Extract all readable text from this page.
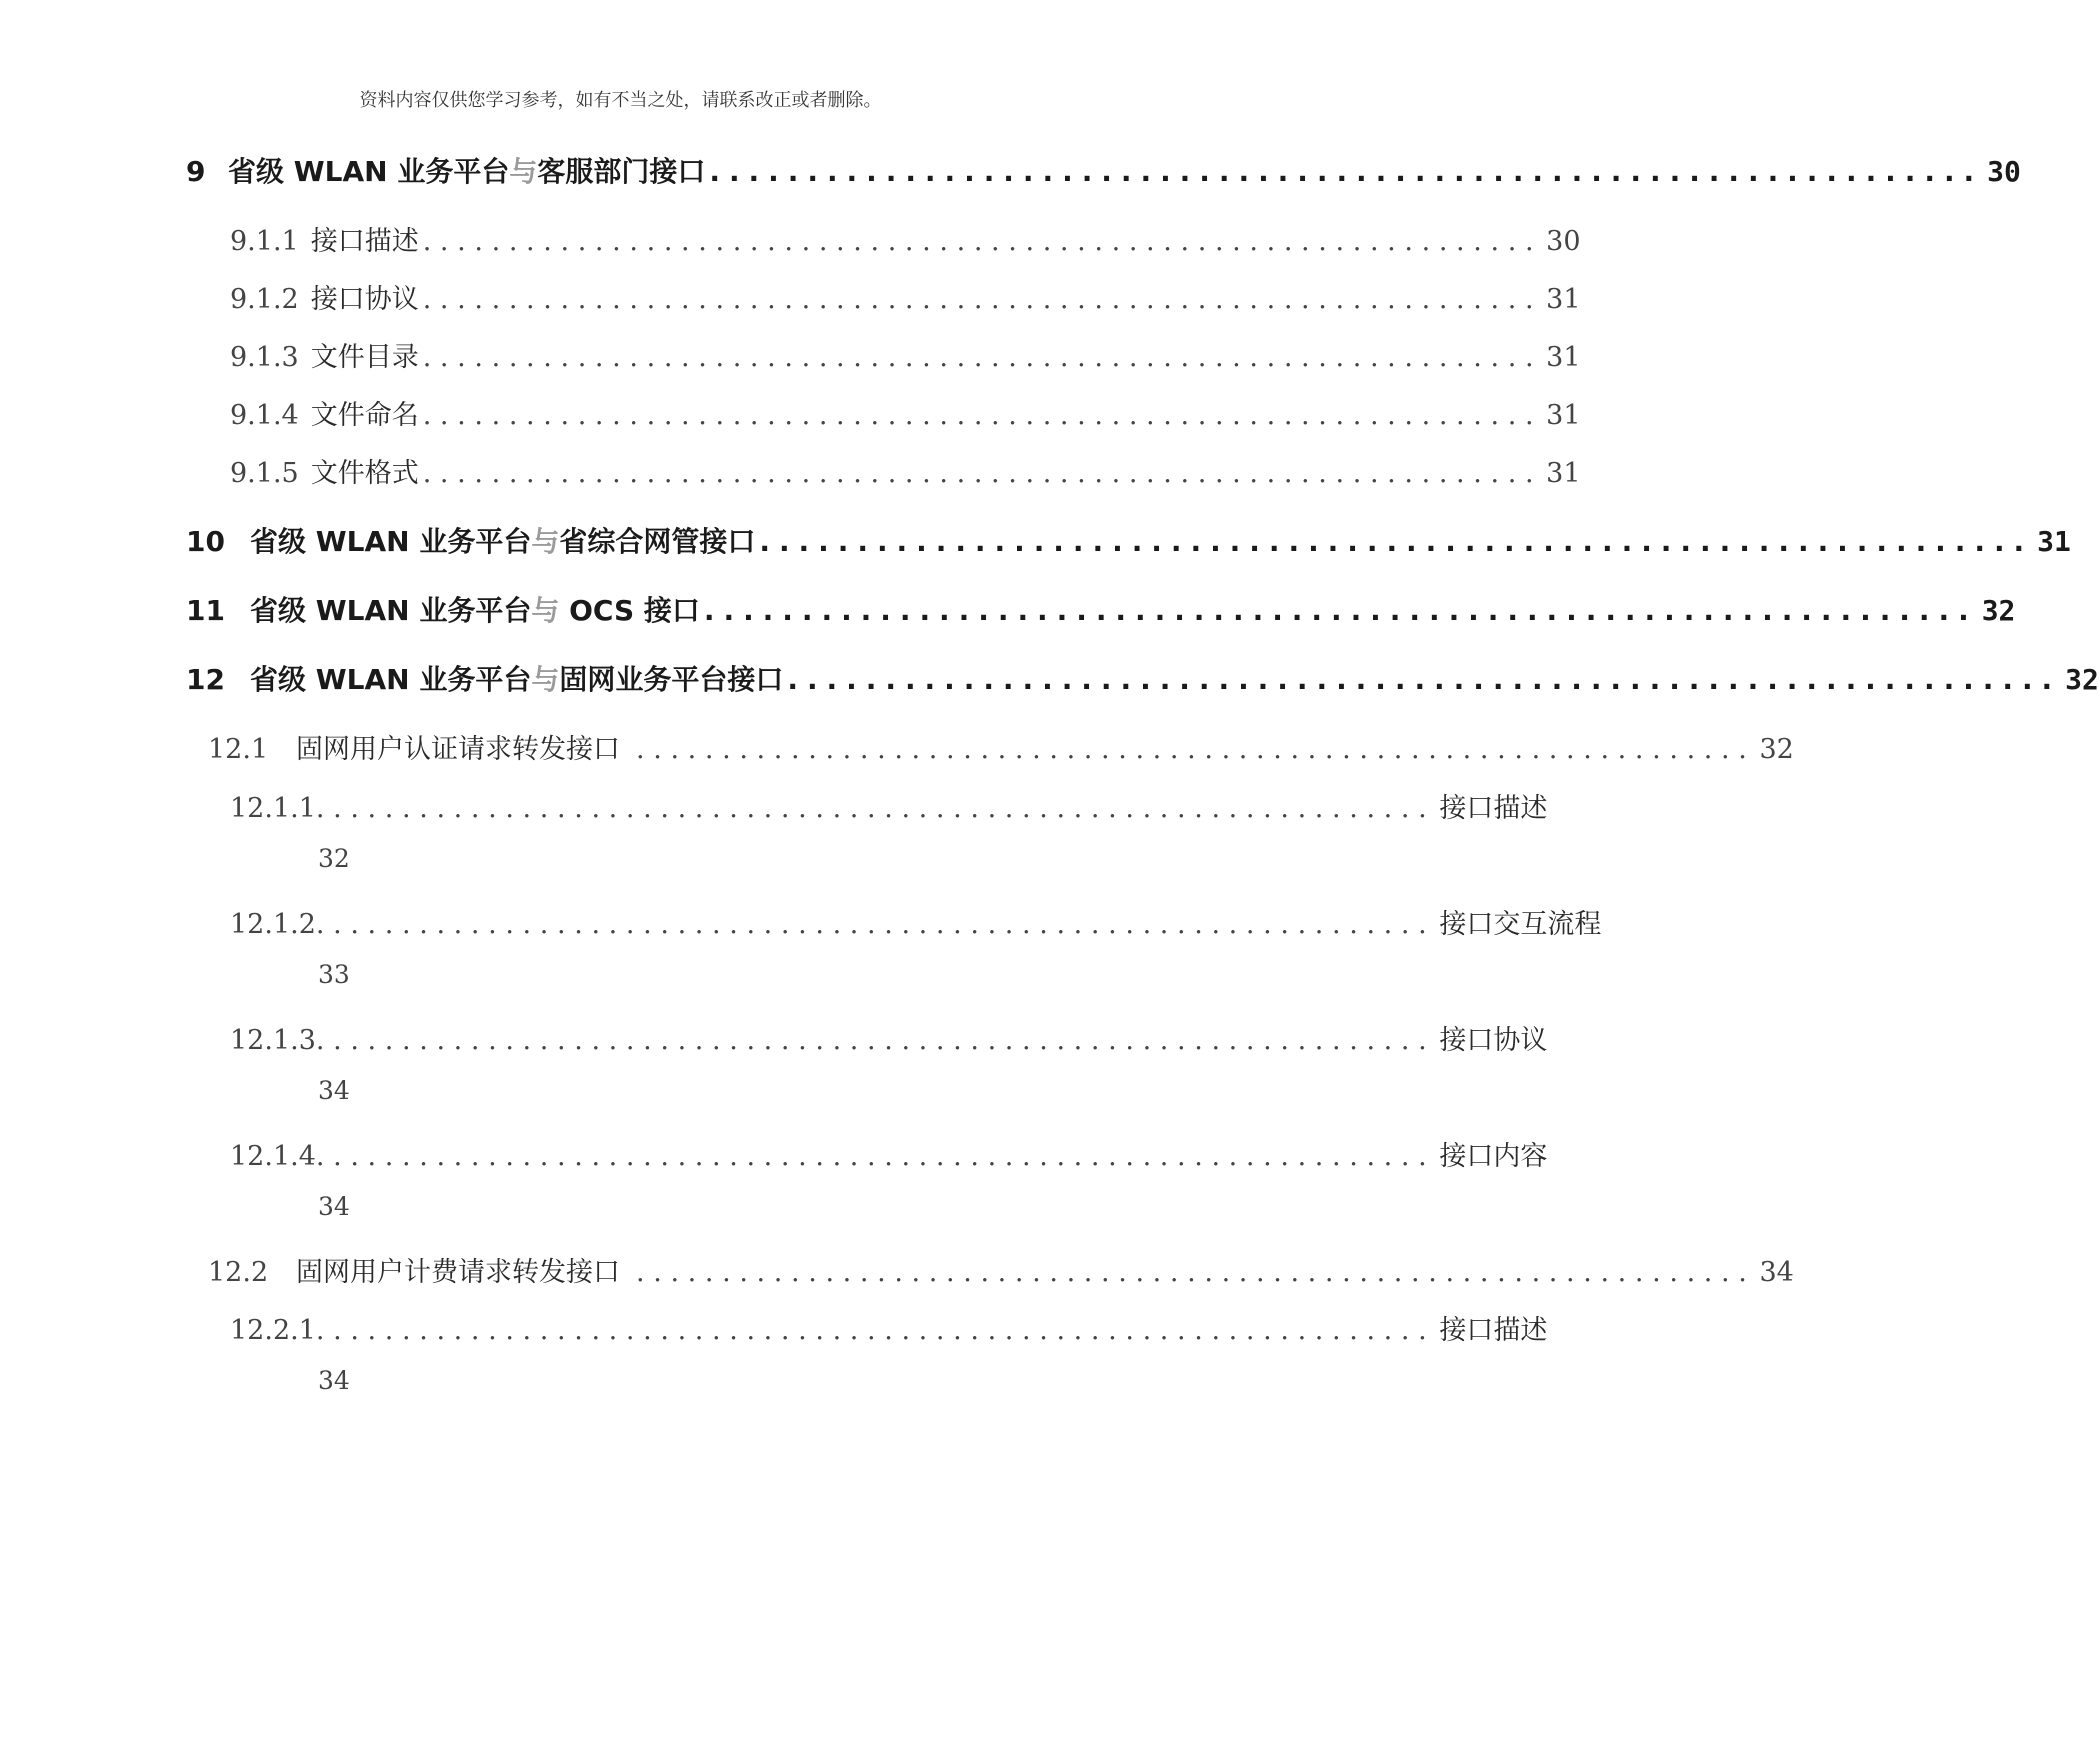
资料内容仅供您学习参考，如有不当之处，请联系改正或者删除。
9 省级 WLAN 业务平台与客服部门接口 ................................................................. 30
9.1.1 接口描述 ................................................................. 30
9.1.2 接口协议 ................................................................. 31
9.1.3 文件目录 ................................................................. 31
9.1.4 文件命名 ................................................................. 31
9.1.5 文件格式 ................................................................. 31
10 省级 WLAN 业务平台与省综合网管接口 ................................................................. 31
11 省级 WLAN 业务平台与 OCS 接口 ................................................................. 32
12 省级 WLAN 业务平台与固网业务平台接口 ................................................................. 32
12.1	固网用户认证请求转发接口 ................................................................. 32
12.1.1 ................................................................. 接口描述
32
12.1.2 ................................................................. 接口交互流程
33
12.1.3 ................................................................. 接口协议
34
12.1.4 ................................................................. 接口内容
34
12.2	固网用户计费请求转发接口 ................................................................. 34
12.2.1 ................................................................. 接口描述
34
